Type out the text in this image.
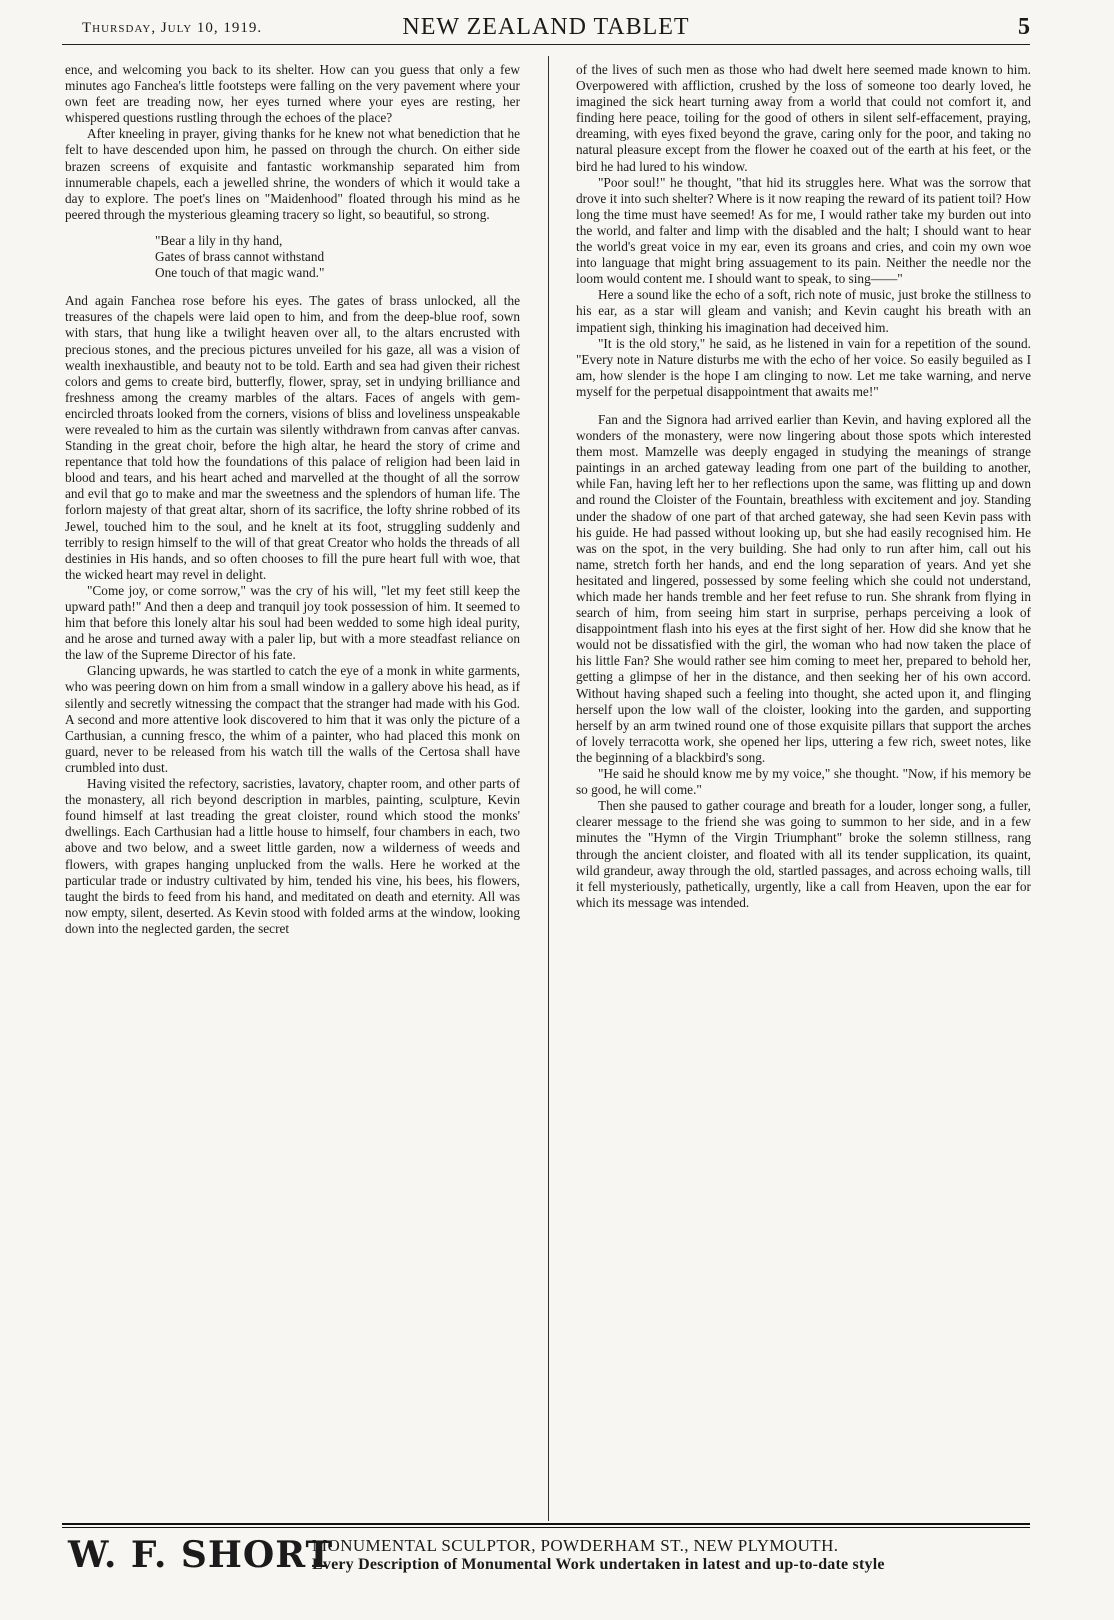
Thursday, July 10, 1919.	NEW ZEALAND TABLET	5

ence, and welcoming you back to its shelter. How can you guess that only a few minutes ago Fanchea's little footsteps were falling on the very pavement where your own feet are treading now, her eyes turned where your eyes are resting, her whispered questions rustling through the echoes of the place?

After kneeling in prayer, giving thanks for he knew not what benediction that he felt to have descended upon him, he passed on through the church. On either side brazen screens of exquisite and fantastic workmanship separated him from innumerable chapels, each a jewelled shrine, the wonders of which it would take a day to explore. The poet's lines on "Maidenhood" floated through his mind as he peered through the mysterious gleaming tracery so light, so beautiful, so strong.

"Bear a lily in thy hand,
Gates of brass cannot withstand
One touch of that magic wand."

And again Fanchea rose before his eyes. The gates of brass unlocked, all the treasures of the chapels were laid open to him, and from the deep-blue roof, sown with stars, that hung like a twilight heaven over all, to the altars encrusted with precious stones, and the precious pictures unveiled for his gaze, all was a vision of wealth inexhaustible, and beauty not to be told. Earth and sea had given their richest colors and gems to create bird, butterfly, flower, spray, set in undying brilliance and freshness among the creamy marbles of the altars. Faces of angels with gem-encircled throats looked from the corners, visions of bliss and loveliness unspeakable were revealed to him as the curtain was silently withdrawn from canvas after canvas. Standing in the great choir, before the high altar, he heard the story of crime and repentance that told how the foundations of this palace of religion had been laid in blood and tears, and his heart ached and marvelled at the thought of all the sorrow and evil that go to make and mar the sweetness and the splendors of human life. The forlorn majesty of that great altar, shorn of its sacrifice, the lofty shrine robbed of its Jewel, touched him to the soul, and he knelt at its foot, struggling suddenly and terribly to resign himself to the will of that great Creator who holds the threads of all destinies in His hands, and so often chooses to fill the pure heart full with woe, that the wicked heart may revel in delight.

"Come joy, or come sorrow," was the cry of his will, "let my feet still keep the upward path!" And then a deep and tranquil joy took possession of him. It seemed to him that before this lonely altar his soul had been wedded to some high ideal purity, and he arose and turned away with a paler lip, but with a more steadfast reliance on the law of the Supreme Director of his fate.

Glancing upwards, he was startled to catch the eye of a monk in white garments, who was peering down on him from a small window in a gallery above his head, as if silently and secretly witnessing the compact that the stranger had made with his God. A second and more attentive look discovered to him that it was only the picture of a Carthusian, a cunning fresco, the whim of a painter, who had placed this monk on guard, never to be released from his watch till the walls of the Certosa shall have crumbled into dust.

Having visited the refectory, sacristies, lavatory, chapter room, and other parts of the monastery, all rich beyond description in marbles, painting, sculpture, Kevin found himself at last treading the great cloister, round which stood the monks' dwellings. Each Carthusian had a little house to himself, four chambers in each, two above and two below, and a sweet little garden, now a wilderness of weeds and flowers, with grapes hanging unplucked from the walls. Here he worked at the particular trade or industry cultivated by him, tended his vine, his bees, his flowers, taught the birds to feed from his hand, and meditated on death and eternity. All was now empty, silent, deserted. As Kevin stood with folded arms at the window, looking down into the neglected garden, the secret

of the lives of such men as those who had dwelt here seemed made known to him. Overpowered with affliction, crushed by the loss of someone too dearly loved, he imagined the sick heart turning away from a world that could not comfort it, and finding here peace, toiling for the good of others in silent self-effacement, praying, dreaming, with eyes fixed beyond the grave, caring only for the poor, and taking no natural pleasure except from the flower he coaxed out of the earth at his feet, or the bird he had lured to his window.

"Poor soul!" he thought, "that hid its struggles here. What was the sorrow that drove it into such shelter? Where is it now reaping the reward of its patient toil? How long the time must have seemed! As for me, I would rather take my burden out into the world, and falter and limp with the disabled and the halt; I should want to hear the world's great voice in my ear, even its groans and cries, and coin my own woe into language that might bring assuagement to its pain. Neither the needle nor the loom would content me. I should want to speak, to sing——"

Here a sound like the echo of a soft, rich note of music, just broke the stillness to his ear, as a star will gleam and vanish; and Kevin caught his breath with an impatient sigh, thinking his imagination had deceived him.

"It is the old story," he said, as he listened in vain for a repetition of the sound. "Every note in Nature disturbs me with the echo of her voice. So easily beguiled as I am, how slender is the hope I am clinging to now. Let me take warning, and nerve myself for the perpetual disappointment that awaits me!"

Fan and the Signora had arrived earlier than Kevin, and having explored all the wonders of the monastery, were now lingering about those spots which interested them most. Mamzelle was deeply engaged in studying the meanings of strange paintings in an arched gateway leading from one part of the building to another, while Fan, having left her to her reflections upon the same, was flitting up and down and round the Cloister of the Fountain, breathless with excitement and joy. Standing under the shadow of one part of that arched gateway, she had seen Kevin pass with his guide. He had passed without looking up, but she had easily recognised him. He was on the spot, in the very building. She had only to run after him, call out his name, stretch forth her hands, and end the long separation of years. And yet she hesitated and lingered, possessed by some feeling which she could not understand, which made her hands tremble and her feet refuse to run. She shrank from flying in search of him, from seeing him start in surprise, perhaps perceiving a look of disappointment flash into his eyes at the first sight of her. How did she know that he would not be dissatisfied with the girl, the woman who had now taken the place of his little Fan? She would rather see him coming to meet her, prepared to behold her, getting a glimpse of her in the distance, and then seeking her of his own accord. Without having shaped such a feeling into thought, she acted upon it, and flinging herself upon the low wall of the cloister, looking into the garden, and supporting herself by an arm twined round one of those exquisite pillars that support the arches of lovely terracotta work, she opened her lips, uttering a few rich, sweet notes, like the beginning of a blackbird's song.

"He said he should know me by my voice," she thought. "Now, if his memory be so good, he will come."

Then she paused to gather courage and breath for a louder, longer song, a fuller, clearer message to the friend she was going to summon to her side, and in a few minutes the "Hymn of the Virgin Triumphant" broke the solemn stillness, rang through the ancient cloister, and floated with all its tender supplication, its quaint, wild grandeur, away through the old, startled passages, and across echoing walls, till it fell mysteriously, pathetically, urgently, like a call from Heaven, upon the ear for which its message was intended.

W. F. SHORT
MONUMENTAL SCULPTOR, POWDERHAM ST., NEW PLYMOUTH.
Every Description of Monumental Work undertaken in latest and up-to-date style
